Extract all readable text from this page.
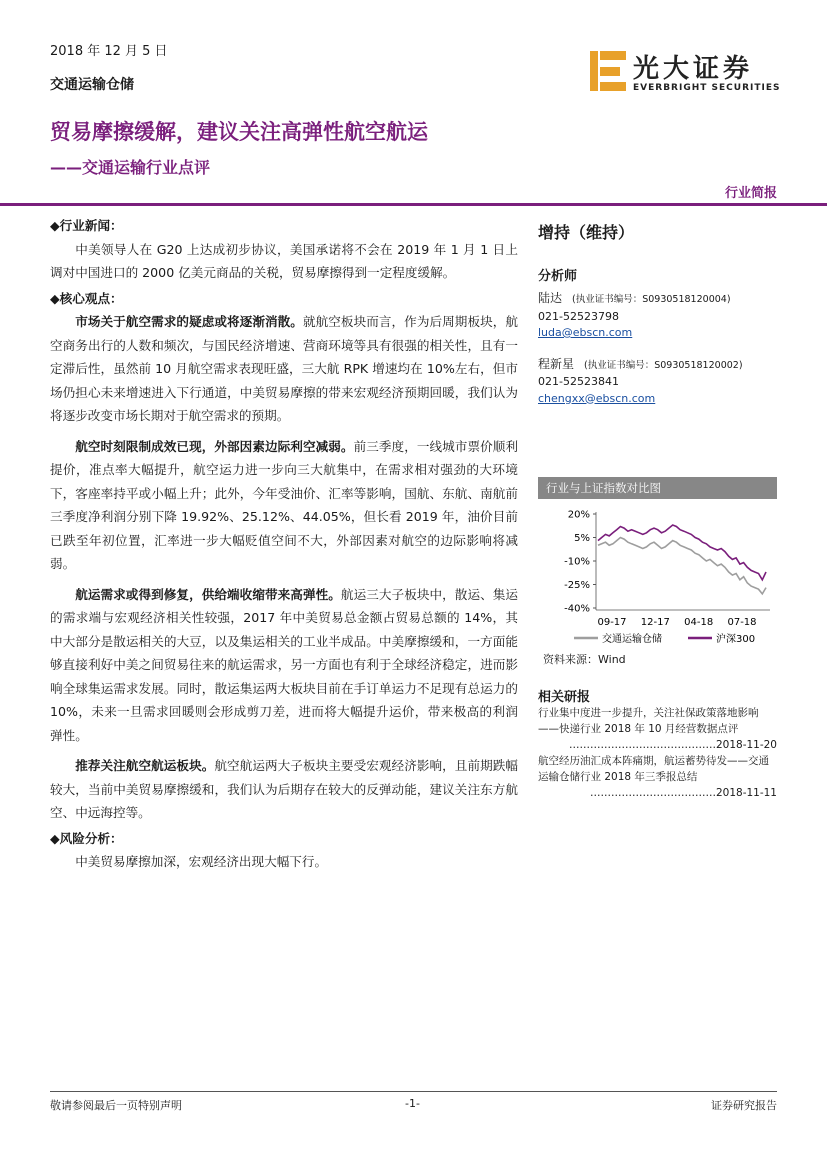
2018 年 12 月 5 日
交通运输仓储
光大证券
EVERBRIGHT SECURITIES
贸易摩擦缓解，建议关注高弹性航空航运
——交通运输行业点评
行业简报
◆行业新闻：

中美领导人在 G20 上达成初步协议，美国承诺将不会在 2019 年 1 月 1 日上调对中国进口的 2000 亿美元商品的关税，贸易摩擦得到一定程度缓解。

◆核心观点：

市场关于航空需求的疑虑或将逐渐消散。就航空板块而言，作为后周期板块，航空商务出行的人数和频次，与国民经济增速、营商环境等具有很强的相关性，且有一定滞后性，虽然前 10 月航空需求表现旺盛，三大航 RPK 增速均在 10%左右，但市场仍担心未来增速进入下行通道，中美贸易摩擦的带来宏观经济预期回暖，我们认为将逐步改变市场长期对于航空需求的预期。

航空时刻限制成效已现，外部因素边际利空减弱。前三季度，一线城市票价顺利提价，准点率大幅提升，航空运力进一步向三大航集中，在需求相对强劲的大环境下，客座率持平或小幅上升；此外，今年受油价、汇率等影响，国航、东航、南航前三季度净利润分别下降 19.92%、25.12%、44.05%，但长看 2019 年，油价目前已跌至年初位置，汇率进一步大幅贬值空间不大，外部因素对航空的边际影响将减弱。

航运需求或得到修复，供给端收缩带来高弹性。航运三大子板块中，散运、集运的需求端与宏观经济相关性较强，2017 年中美贸易总金额占贸易总额的 14%，其中大部分是散运相关的大豆，以及集运相关的工业半成品。中美摩擦缓和，一方面能够直接利好中美之间贸易往来的航运需求，另一方面也有利于全球经济稳定，进而影响全球集运需求发展。同时，散运集运两大板块目前在手订单运力不足现有总运力的 10%，未来一旦需求回暖则会形成剪刀差，进而将大幅提升运价，带来极高的利润弹性。

推荐关注航空航运板块。航空航运两大子板块主要受宏观经济影响，且前期跌幅较大，当前中美贸易摩擦缓和，我们认为后期存在较大的反弹动能，建议关注东方航空、中远海控等。

◆风险分析：

中美贸易摩擦加深，宏观经济出现大幅下行。

增持（维持）
分析师
陆达 (执业证书编号：S0930518120004)
021-52523798
luda@ebscn.com
程新星 (执业证书编号：S0930518120002)
021-52523841
chengxx@ebscn.com
行业与上证指数对比图
20%
5%
-10%
-25%
-40%
09-17 12-17 04-18 07-18
交通运输仓储	沪深300
资料来源：Wind
相关研报
行业集中度进一步提升，关注社保政策落地影响——快递行业 2018 年 10 月经营数据点评
……………………………………2018-11-20
航空经历油汇成本阵痛期，航运蓄势待发——交通运输仓储行业 2018 年三季报总结
………………………………2018-11-11
敬请参阅最后一页特别声明	-1-	证券研究报告
